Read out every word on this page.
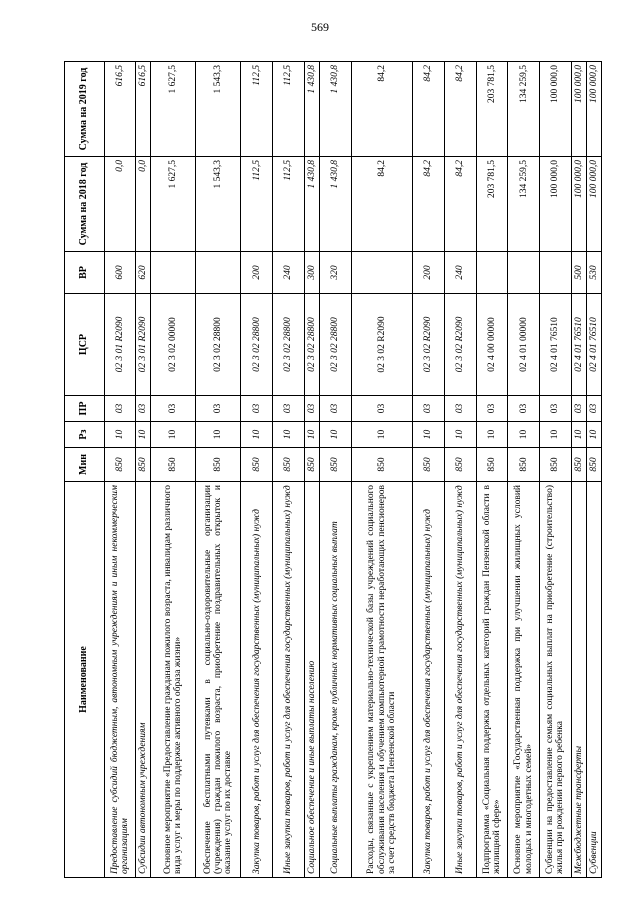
569
Наименование	Мин	Рз	ПР	ЦСР	ВР	Сумма на 2018 год	Сумма на 2019 год
Предоставление субсидий бюджетным, автономным учреждениям и иным некоммерческим организациям	850	10	03	02 3 01 R2090	600	0,0	616,5
Субсидии автономным учреждениям	850	10	03	02 3 01 R2090	620	0,0	616,5
Основное мероприятие «Предоставление гражданам пожилого возраста, инвалидам различного вида услуг и меры по поддержке активного образа жизни»	850	10	03	02 3 02 00000		1 627,5	1 627,5
Обеспечение бесплатными путевками в социально-оздоровительные организации (учреждения) граждан пожилого возраста, приобретение поздравительных открыток и оказание услуг по их доставке	850	10	03	02 3 02 28800		1 543,3	1 543,3
Закупка товаров, работ и услуг для обеспечения государственных (муниципальных) нужд	850	10	03	02 3 02 28800	200	112,5	112,5
Иные закупки товаров, работ и услуг для обеспечения государственных (муниципальных) нужд	850	10	03	02 3 02 28800	240	112,5	112,5
Социальное обеспечение и иные выплаты населению	850	10	03	02 3 02 28800	300	1 430,8	1 430,8
Социальные выплаты гражданам, кроме публичных нормативных социальных выплат	850	10	03	02 3 02 28800	320	1 430,8	1 430,8
Расходы, связанные с укреплением материально-технической базы учреждений социального обслуживания населения и обучением компьютерной грамотности неработающих пенсионеров за счет средств бюджета Пензенской области	850	10	03	02 3 02 R2090		84,2	84,2
Закупка товаров, работ и услуг для обеспечения государственных (муниципальных) нужд	850	10	03	02 3 02 R2090	200	84,2	84,2
Иные закупки товаров, работ и услуг для обеспечения государственных (муниципальных) нужд	850	10	03	02 3 02 R2090	240	84,2	84,2
Подпрограмма «Социальная поддержка отдельных категорий граждан Пензенской области в жилищной сфере»	850	10	03	02 4 00 00000		203 781,5	203 781,5
Основное мероприятие «Государственная поддержка при улучшении жилищных условий молодых и многодетных семей»	850	10	03	02 4 01 00000		134 259,5	134 259,5
Субвенции на предоставление семьям социальных выплат на приобретение (строительство) жилья при рождении первого ребенка	850	10	03	02 4 01 76510		100 000,0	100 000,0
Межбюджетные трансферты	850	10	03	02 4 01 76510	500	100 000,0	100 000,0
Субвенции	850	10	03	02 4 01 76510	530	100 000,0	100 000,0
